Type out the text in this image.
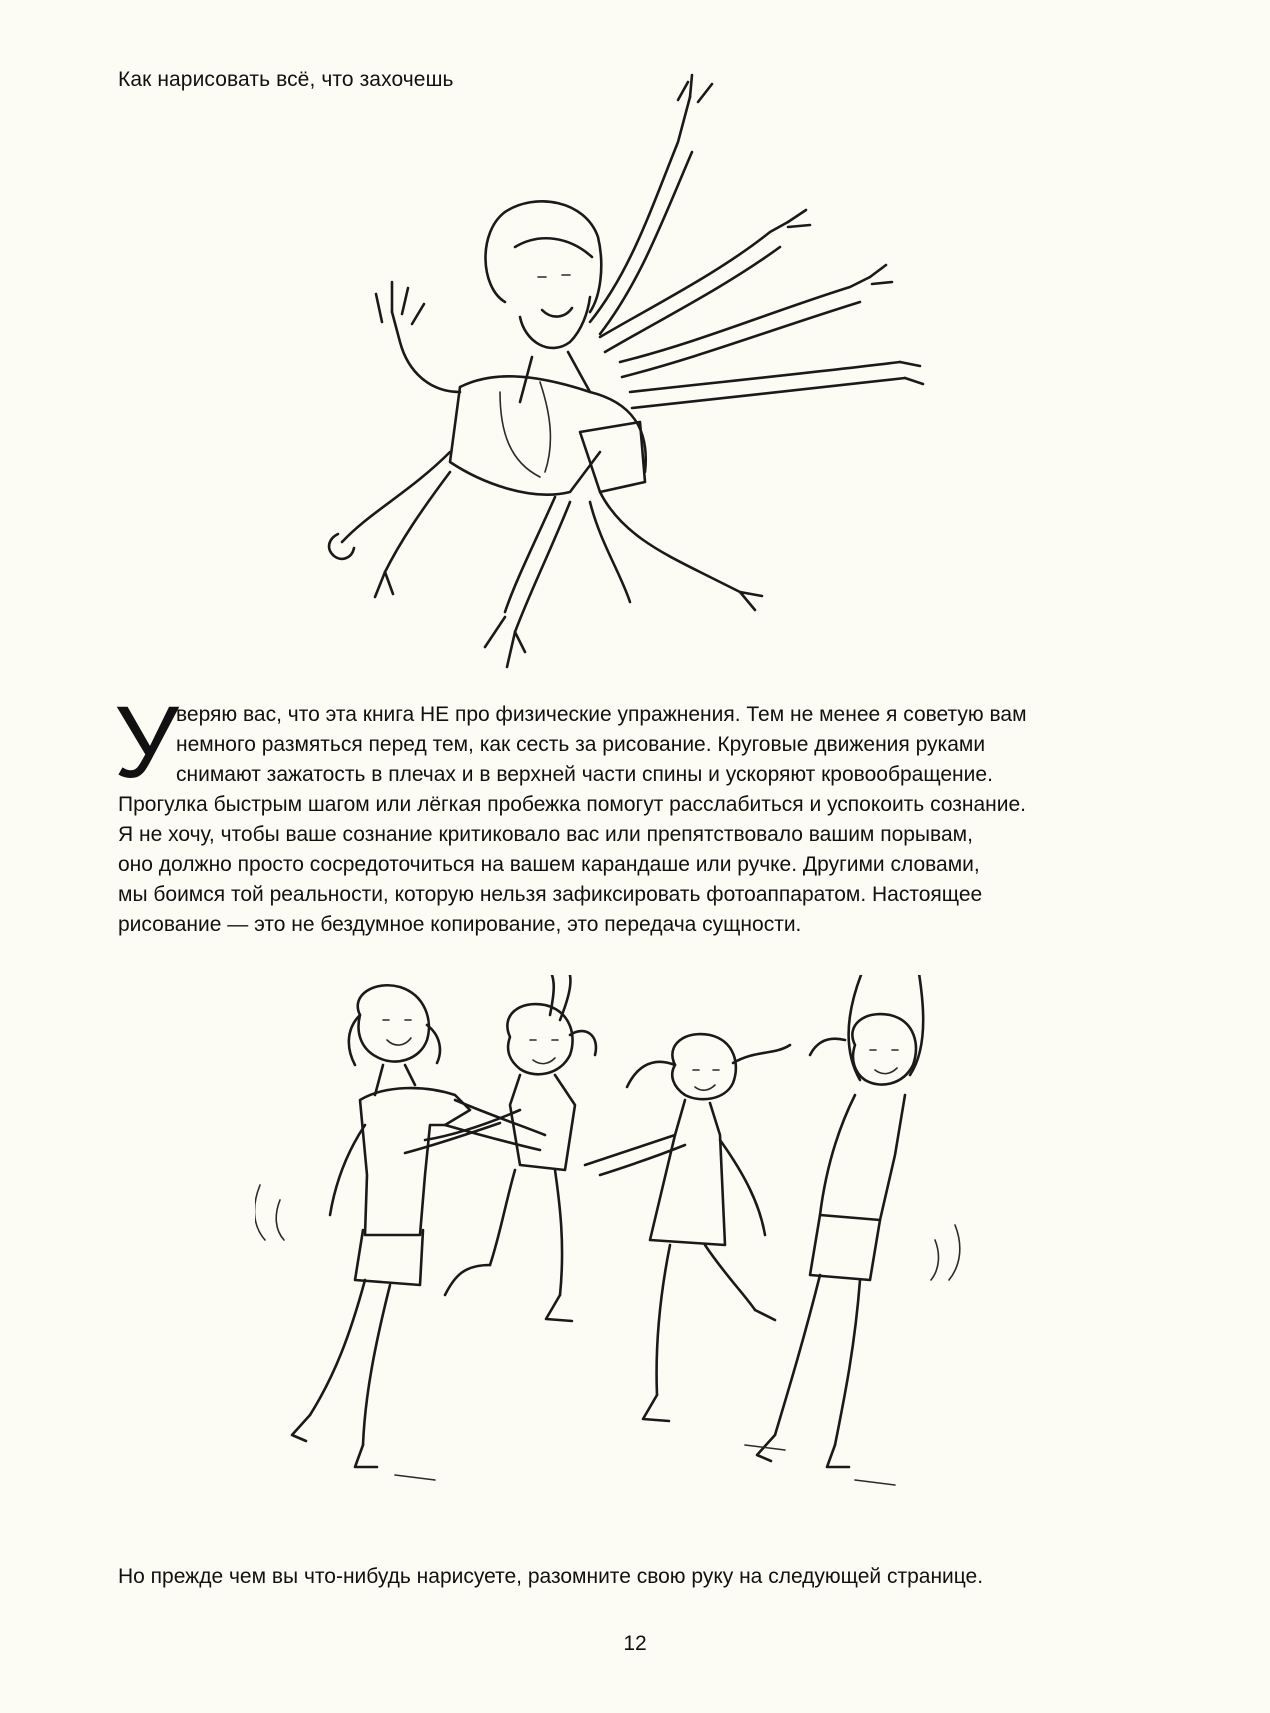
Как нарисовать всё, что захочешь
У
веряю вас, что эта книга НЕ про физические упражнения. Тем не менее я советую вам
немного размяться перед тем, как сесть за рисование. Круговые движения руками
снимают зажатость в плечах и в верхней части спины и ускоряют кровообращение.
Прогулка быстрым шагом или лёгкая пробежка помогут расслабиться и успокоить сознание.
Я не хочу, чтобы ваше сознание критиковало вас или препятствовало вашим порывам,
оно должно просто сосредоточиться на вашем карандаше или ручке. Другими словами,
мы боимся той реальности, которую нельзя зафиксировать фотоаппаратом. Настоящее
рисование — это не бездумное копирование, это передача сущности.
Но прежде чем вы что-нибудь нарисуете, разомните свою руку на следующей странице.
12
